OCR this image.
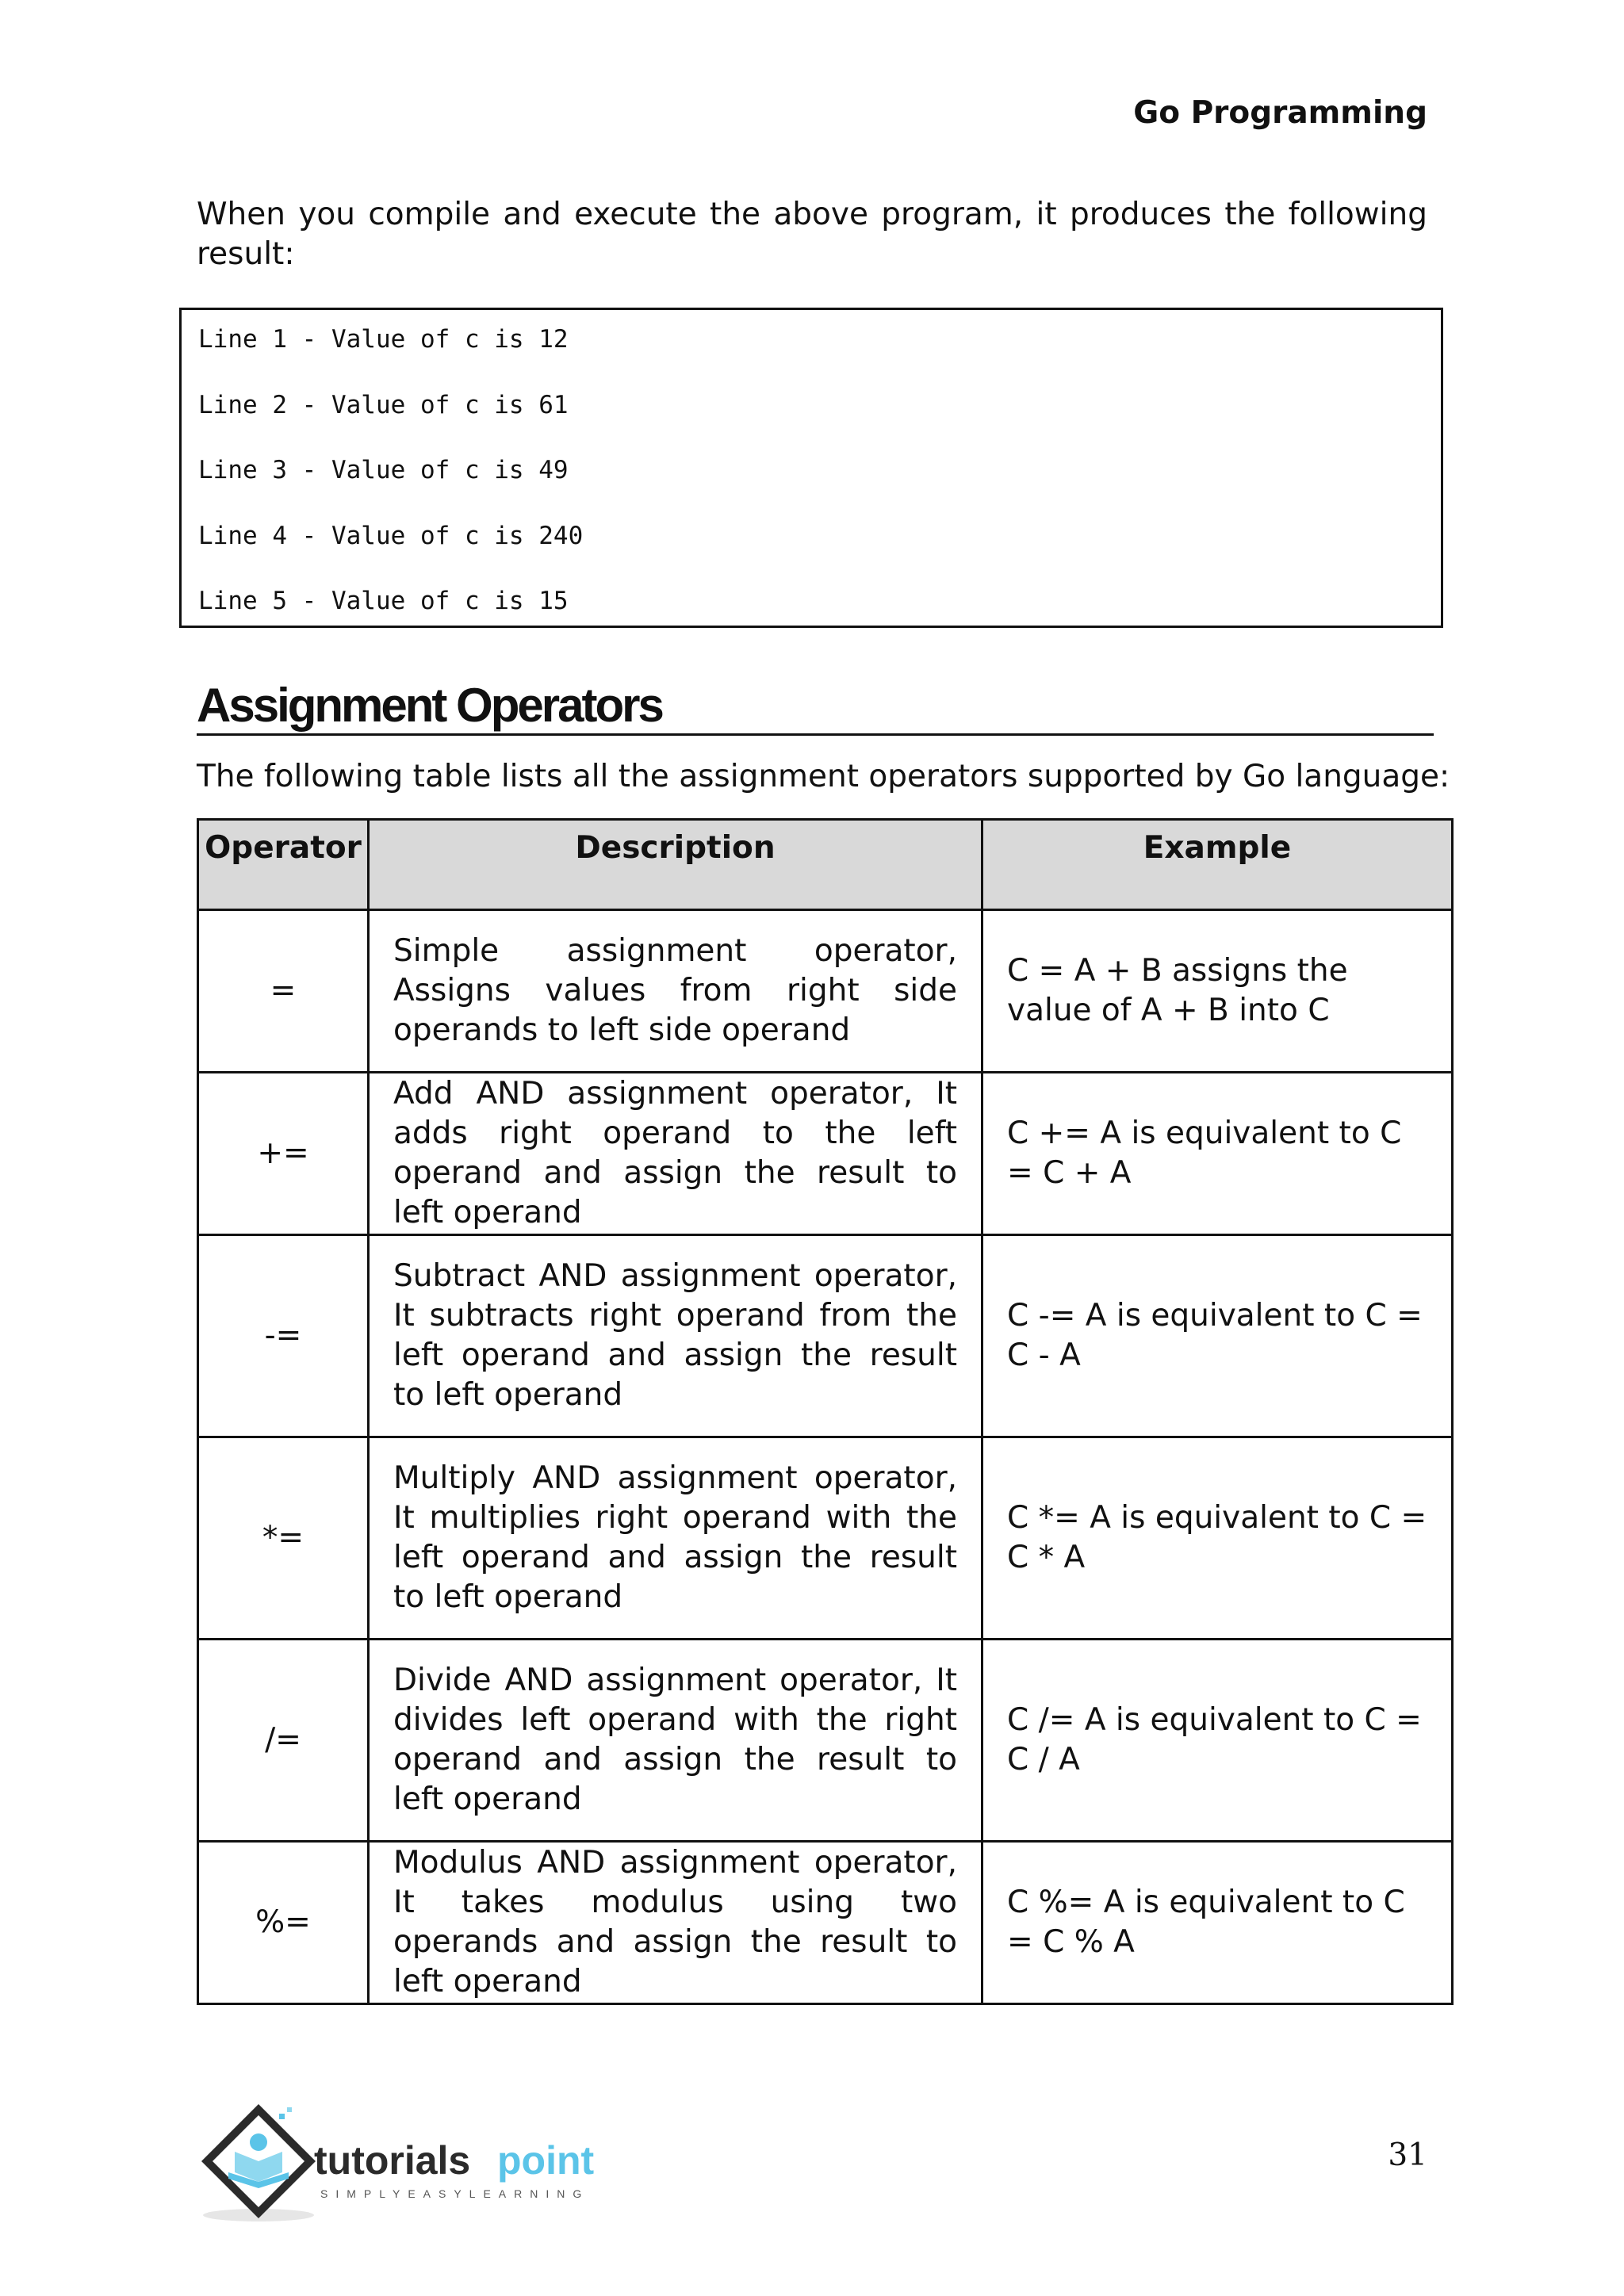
Go Programming
When you compile and execute the above program, it produces the following result:
Line 1 - Value of c is 12
Line 2 - Value of c is 61
Line 3 - Value of c is 49
Line 4 - Value of c is 240
Line 5 - Value of c is 15
Assignment Operators
The following table lists all the assignment operators supported by Go language:
Operator	Description	Example
=	Simple assignment operator, Assigns values from right side operands to left side operand	C = A + B assigns the value of A + B into C
+=	Add AND assignment operator, It adds right operand to the left operand and assign the result to left operand	C += A is equivalent to C = C + A
-=	Subtract AND assignment operator, It subtracts right operand from the left operand and assign the result to left operand	C -= A is equivalent to C = C - A
*=	Multiply AND assignment operator, It multiplies right operand with the left operand and assign the result to left operand	C *= A is equivalent to C = C * A
/=	Divide AND assignment operator, It divides left operand with the right operand and assign the result to left operand	C /= A is equivalent to C = C / A
%=	Modulus AND assignment operator, It takes modulus using two operands and assign the result to left operand	C %= A is equivalent to C = C % A
tutorials point
SIMPLYEASYLEARNING
31
